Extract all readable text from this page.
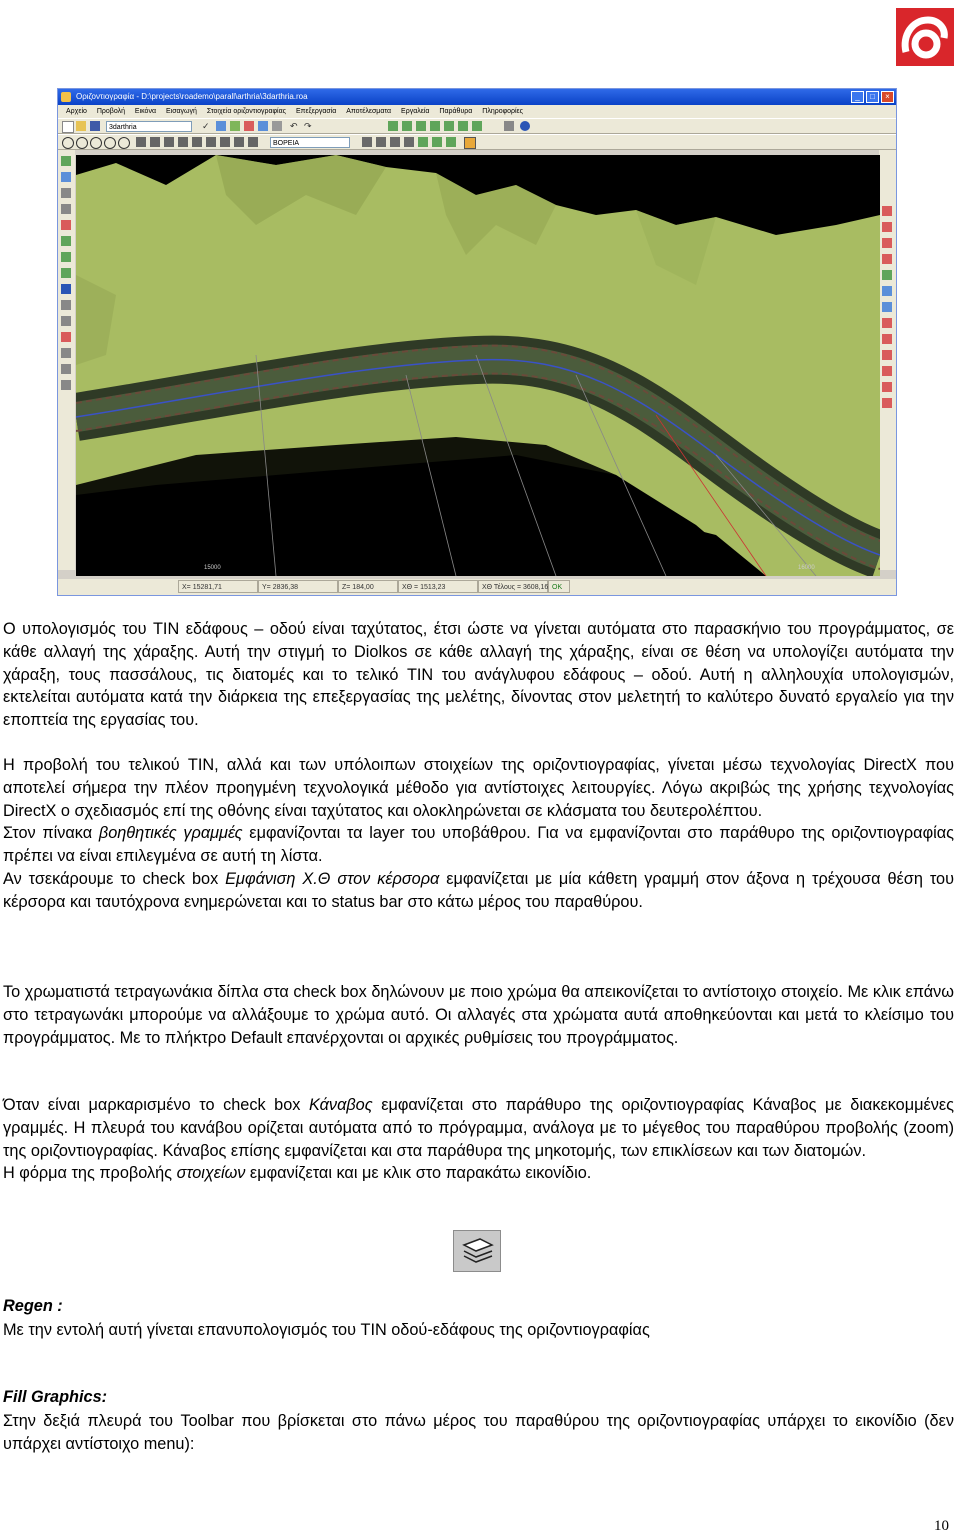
Οριζοντιογραφία - D:\projects\roademo\parall\arthria\3darthria.roa	_	□	×
Αρχείο Προβολή Εικόνα Εισαγωγή Στοιχεία οριζοντιογραφίας Επεξεργασία Αποτέλεσματα Εργαλεία Παράθυρα Πληροφορίες
3darthria	✓	↶ ↷
ΒΟΡΕΙΑ
15000	16000
X= 15281,71	Y= 2836,38	Z= 184,00	XΘ = 1513,23	XΘ Τέλους = 3608,16 OK

Ο υπολογισμός του TIN εδάφους – οδού είναι ταχύτατος, έτσι ώστε να γίνεται αυτόματα στο παρασκήνιο του προγράμματος, σε κάθε αλλαγή της χάραξης. Αυτή την στιγμή το Diolkos σε κάθε αλλαγή της χάραξης, είναι σε θέση να υπολογίζει αυτόματα την χάραξη, τους πασσάλους, τις διατομές και το τελικό TIN του ανάγλυφου εδάφους – οδού. Αυτή η αλληλουχία υπολογισμών, εκτελείται αυτόματα κατά την διάρκεια της επεξεργασίας της μελέτης, δίνοντας στον μελετητή το καλύτερο δυνατό εργαλείο για την εποπτεία της εργασίας του.

Η προβολή του τελικού TIN, αλλά και των υπόλοιπων στοιχείων της οριζοντιογραφίας, γίνεται μέσω τεχνολογίας DirectX που αποτελεί σήμερα την πλέον προηγμένη τεχνολογικά μέθοδο για αντίστοιχες λειτουργίες. Λόγω ακριβώς της χρήσης τεχνολογίας DirectX ο σχεδιασμός επί της οθόνης είναι ταχύτατος και ολοκληρώνεται σε κλάσματα του δευτερολέπτου.

Στον πίνακα βοηθητικές γραμμές εμφανίζονται τα layer του υποβάθρου. Για να εμφανίζονται στο παράθυρο της οριζοντιογραφίας πρέπει να είναι επιλεγμένα σε αυτή τη λίστα.

Αν τσεκάρουμε το check box Εμφάνιση Χ.Θ στον κέρσορα εμφανίζεται με μία κάθετη γραμμή στον άξονα η τρέχουσα θέση του κέρσορα και ταυτόχρονα ενημερώνεται και το status bar στο κάτω μέρος του παραθύρου.

Το χρωματιστά τετραγωνάκια δίπλα στα check box δηλώνουν με ποιο χρώμα θα απεικονίζεται το αντίστοιχο στοιχείο. Με κλικ επάνω στο τετραγωνάκι μπορούμε να αλλάξουμε το χρώμα αυτό. Οι αλλαγές στα χρώματα αυτά αποθηκεύονται και μετά το κλείσιμο του προγράμματος. Με το πλήκτρο Default επανέρχονται οι αρχικές ρυθμίσεις του προγράμματος.

Όταν είναι μαρκαρισμένο το check box Κάναβος εμφανίζεται στο παράθυρο της οριζοντιογραφίας Κάναβος με διακεκομμένες γραμμές. Η πλευρά του κανάβου ορίζεται αυτόματα από το πρόγραμμα, ανάλογα με το μέγεθος του παραθύρου προβολής (zoom) της οριζοντιογραφίας. Κάναβος επίσης εμφανίζεται και στα παράθυρα της μηκοτομής, των επικλίσεων και των διατομών.

Η φόρμα της προβολής στοιχείων εμφανίζεται και με κλικ στο παρακάτω εικονίδιο.

Regen :

Με την εντολή αυτή γίνεται επανυπολογισμός του TIN οδού-εδάφους της οριζοντιογραφίας

Fill Graphics:

Στην δεξιά πλευρά του Toolbar που βρίσκεται στο πάνω μέρος του παραθύρου της οριζοντιογραφίας υπάρχει το εικονίδιο (δεν υπάρχει αντίστοιχο menu):

10
